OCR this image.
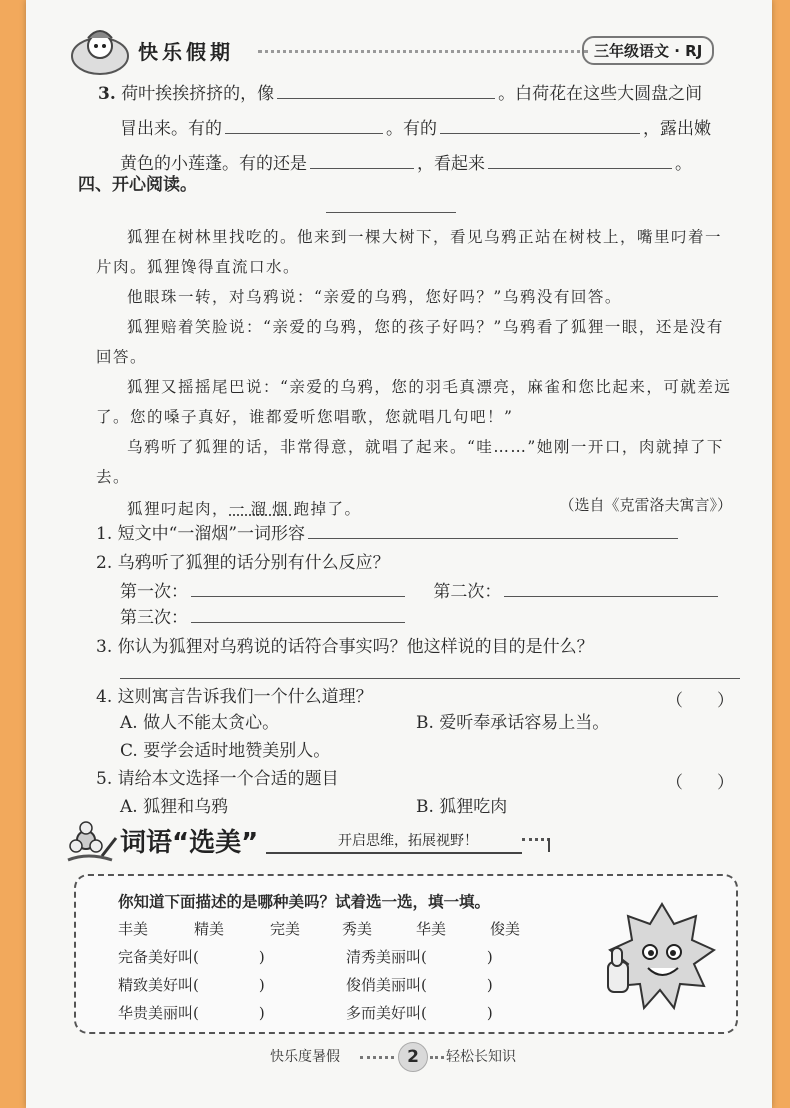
快乐假期	三年级语文 · RJ
3. 荷叶挨挨挤挤的，像	。白荷花在这些大圆盘之间
冒出来。有的	。有的	，露出嫩
黄色的小莲蓬。有的还是	，看起来	。
四、开心阅读。

狐狸在树林里找吃的。他来到一棵大树下，看见乌鸦正站在树枝上，嘴里叼着一片肉。狐狸馋得直流口水。

他眼珠一转，对乌鸦说：“亲爱的乌鸦，您好吗？”乌鸦没有回答。

狐狸赔着笑脸说：“亲爱的乌鸦，您的孩子好吗？”乌鸦看了狐狸一眼，还是没有回答。

狐狸又摇摇尾巴说：“亲爱的乌鸦，您的羽毛真漂亮，麻雀和您比起来，可就差远了。您的嗓子真好，谁都爱听您唱歌，您就唱几句吧！”

乌鸦听了狐狸的话，非常得意，就唱了起来。“哇……”她刚一开口，肉就掉了下去。

狐狸叼起肉，一溜烟跑掉了。	（选自《克雷洛夫寓言》）
1. 短文中“一溜烟”一词形容
2. 乌鸦听了狐狸的话分别有什么反应？
第一次：	第二次：
第三次：
3. 你认为狐狸对乌鸦说的话符合事实吗？他这样说的目的是什么？
4. 这则寓言告诉我们一个什么道理？	（　　）
A. 做人不能太贪心。	B. 爱听奉承话容易上当。
C. 要学会适时地赞美别人。
5. 请给本文选择一个合适的题目	（　　）
A. 狐狸和乌鸦	B. 狐狸吃肉
词语“选美”	开启思维，拓展视野！
你知道下面描述的是哪种美吗？试着选一选，填一填。
丰美	精美	完美	秀美	华美	俊美
完备美好叫(　　　　)	清秀美丽叫(　　　　)
精致美好叫(　　　　)	俊俏美丽叫(　　　　)
华贵美丽叫(　　　　)	多而美好叫(　　　　)
快乐度暑假	2	轻松长知识
